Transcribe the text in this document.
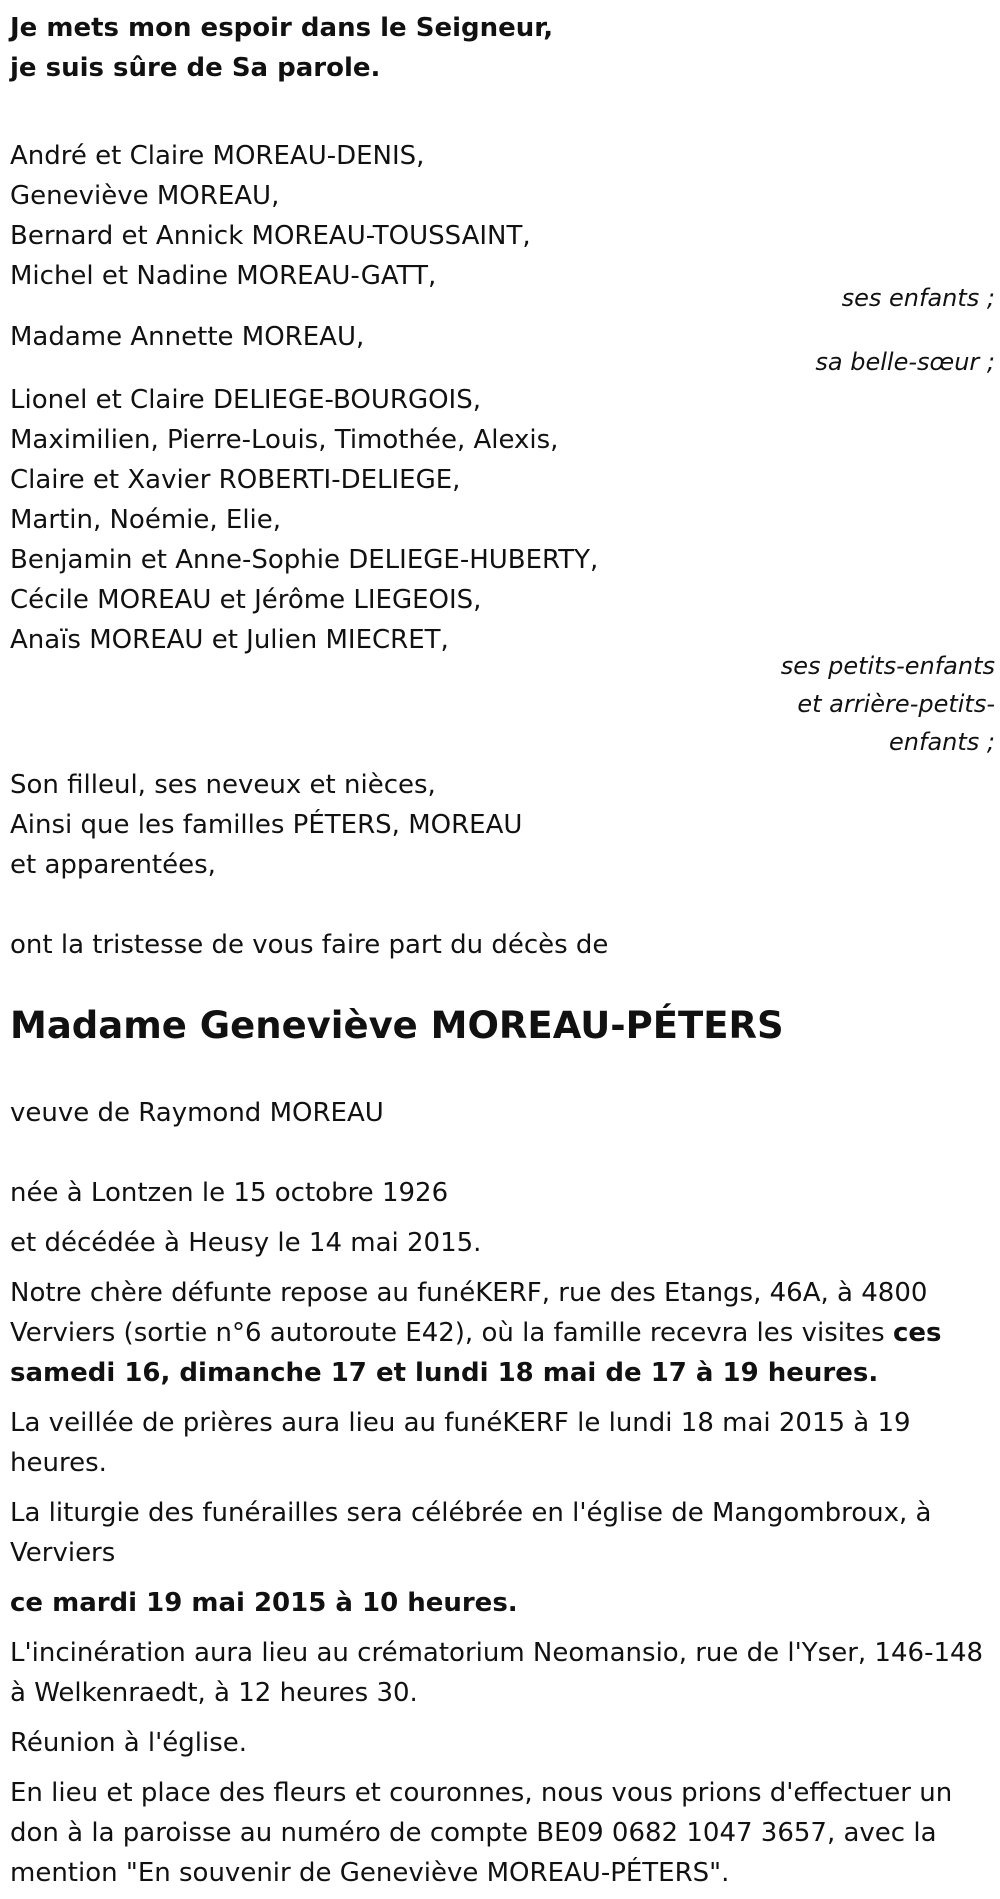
Je mets mon espoir dans le Seigneur,

je suis sûre de Sa parole.

André et Claire MOREAU-DENIS,

Geneviève MOREAU,

Bernard et Annick MOREAU-TOUSSAINT,

Michel et Nadine MOREAU-GATT,

ses enfants ;

Madame Annette MOREAU,

sa belle-sœur ;

Lionel et Claire DELIEGE-BOURGOIS,

Maximilien, Pierre-Louis, Timothée, Alexis,

Claire et Xavier ROBERTI-DELIEGE,

Martin, Noémie, Elie,

Benjamin et Anne-Sophie DELIEGE-HUBERTY,

Cécile MOREAU et Jérôme LIEGEOIS,

Anaïs MOREAU et Julien MIECRET,

ses petits-enfants
et arrière-petits-
enfants ;

Son filleul, ses neveux et nièces,

Ainsi que les familles PÉTERS, MOREAU

et apparentées,

ont la tristesse de vous faire part du décès de

Madame Geneviève MOREAU-PÉTERS

veuve de Raymond MOREAU

née à Lontzen le 15 octobre 1926

et décédée à Heusy le 14 mai 2015.

Notre chère défunte repose au funéKERF, rue des Etangs, 46A, à 4800 Verviers (sortie n°6 autoroute E42), où la famille recevra les visites ces samedi 16, dimanche 17 et lundi 18 mai de 17 à 19 heures.

La veillée de prières aura lieu au funéKERF le lundi 18 mai 2015 à 19 heures.

La liturgie des funérailles sera célébrée en l'église de Mangombroux, à Verviers

ce mardi 19 mai 2015 à 10 heures.

L'incinération aura lieu au crématorium Neomansio, rue de l'Yser, 146-148 à Welkenraedt, à 12 heures 30.

Réunion à l'église.

En lieu et place des fleurs et couronnes, nous vous prions d'effectuer un don à la paroisse au numéro de compte BE09 0682 1047 3657, avec la mention "En souvenir de Geneviève MOREAU-PÉTERS".
